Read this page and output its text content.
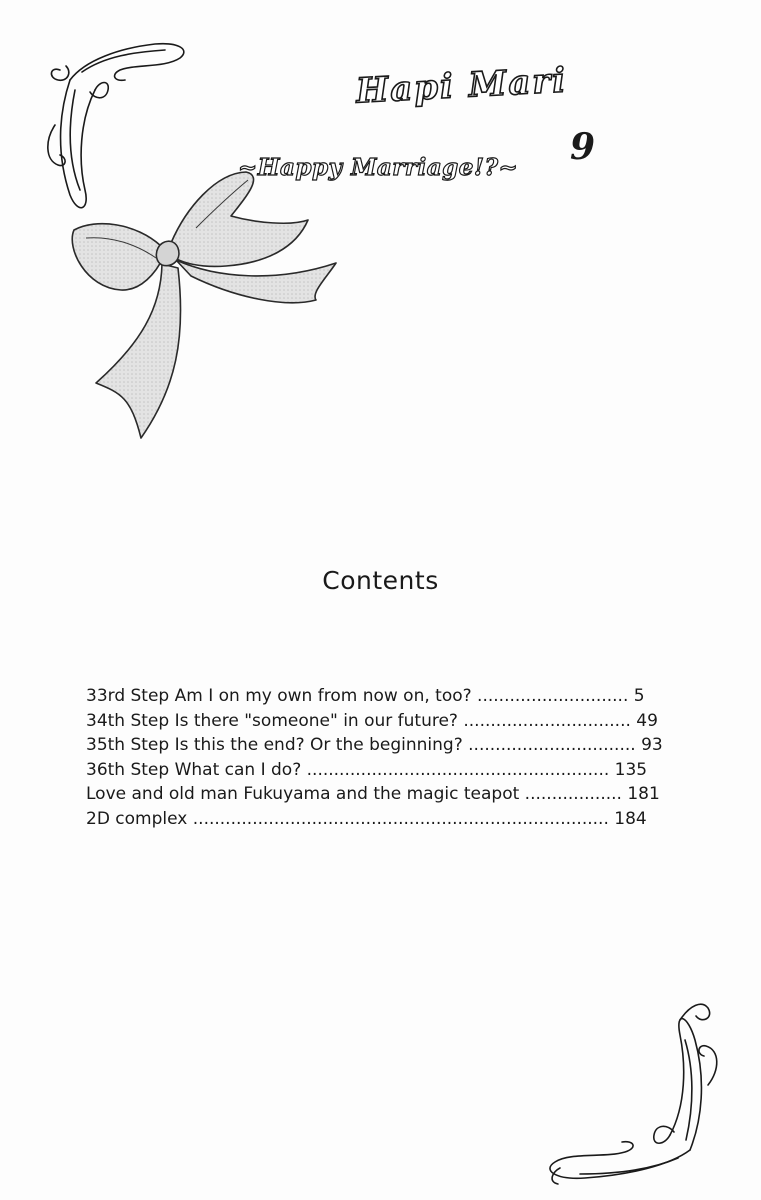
Hapi Mari
9
~Happy Marriage!?~
Contents
33rd Step Am I on my own from now on, too? ............................ 5
34th Step Is there "someone" in our future? ............................... 49
35th Step Is this the end? Or the beginning? ............................... 93
36th Step What can I do? ........................................................ 135
Love and old man Fukuyama and the magic teapot .................. 181
2D complex ............................................................................. 184
